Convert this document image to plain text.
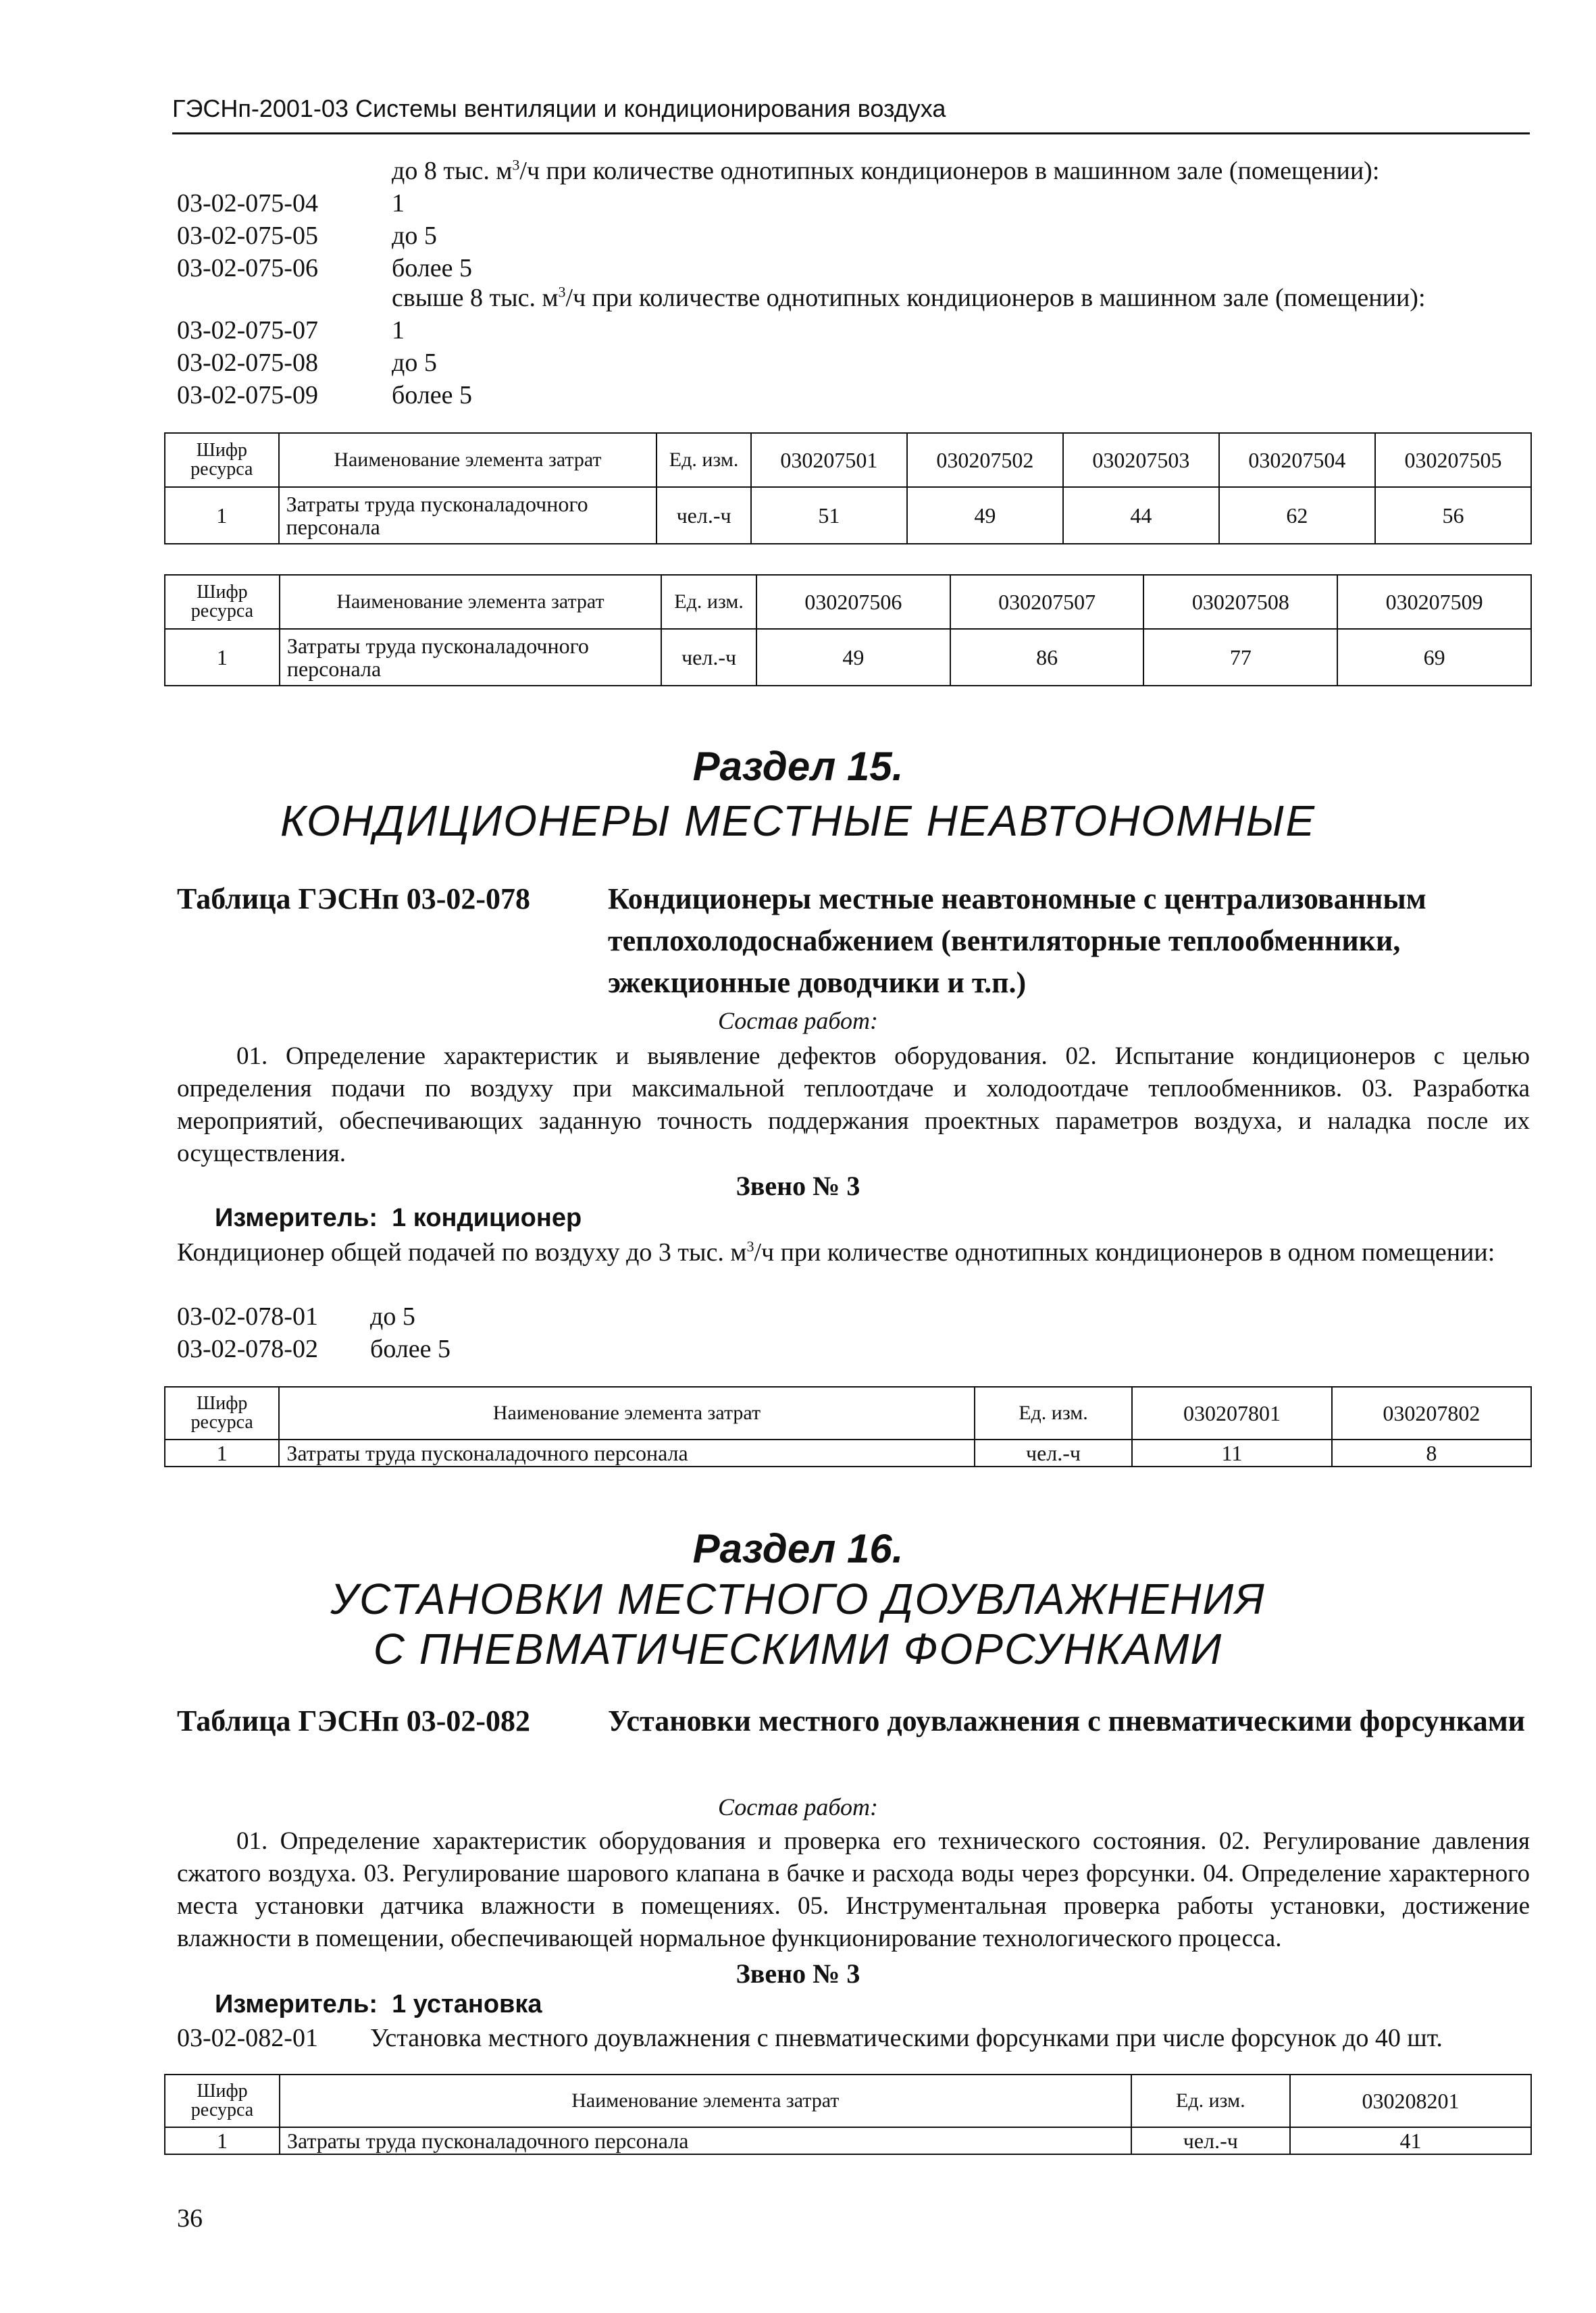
ГЭСНп-2001-03 Системы вентиляции и кондиционирования воздуха
до 8 тыс. $м^3/ч$ при количестве однотипных кондиционеров в машинном зале (помещении):
03-02-075-04	1
03-02-075-05	до 5
03-02-075-06	более 5
свыше 8 тыс. $м^3/ч$ при количестве однотипных кондиционеров в машинном зале (помещении):
03-02-075-07	1
03-02-075-08	до 5
03-02-075-09	более 5
Шифр ресурса	Наименование элемента затрат	Ед. изм.	030207501	030207502	030207503	030207504	030207505
1	Затраты труда пусконаладочного персонала	чел.-ч	51	49	44	62	56
Шифр ресурса	Наименование элемента затрат	Ед. изм.	030207506	030207507	030207508	030207509
1	Затраты труда пусконаладочного персонала	чел.-ч	49	86	77	69
Раздел 15.
КОНДИЦИОНЕРЫ МЕСТНЫЕ НЕАВТОНОМНЫЕ
Таблица ГЭСНп 03-02-078	Кондиционеры местные неавтономные с централизованным теплохолодоснабжением (вентиляторные теплообменники, эжекционные доводчики и т.п.)
Состав работ:
01. Определение характеристик и выявление дефектов оборудования. 02. Испытание кондиционеров с целью определения подачи по воздуху при максимальной теплоотдаче и холодоотдаче теплообменников. 03. Разработка мероприятий, обеспечивающих заданную точность поддержания проектных параметров воздуха, и наладка после их осуществления.
Звено № 3
Измеритель: 1 кондиционер
Кондиционер общей подачей по воздуху до 3 тыс. $м^3/ч$ при количестве однотипных кондиционеров в одном помещении:
03-02-078-01 до 5
03-02-078-02 более 5
Шифр ресурса	Наименование элемента затрат	Ед. изм.	030207801	030207802
1	Затраты труда пусконаладочного персонала	чел.-ч	11	8
Раздел 16.
УСТАНОВКИ МЕСТНОГО ДОУВЛАЖНЕНИЯ
С ПНЕВМАТИЧЕСКИМИ ФОРСУНКАМИ
Таблица ГЭСНп 03-02-082	Установки местного доувлажнения с пневматическими форсунками
Состав работ:
01. Определение характеристик оборудования и проверка его технического состояния. 02. Регулирование давления сжатого воздуха. 03. Регулирование шарового клапана в бачке и расхода воды через форсунки. 04. Определение характерного места установки датчика влажности в помещениях. 05. Инструментальная проверка работы установки, достижение влажности в помещении, обеспечивающей нормальное функционирование технологического процесса.
Звено № 3
Измеритель: 1 установка
03-02-082-01 Установка местного доувлажнения с пневматическими форсунками при числе форсунок до 40 шт.
Шифр ресурса	Наименование элемента затрат	Ед. изм.	030208201
1	Затраты труда пусконаладочного персонала	чел.-ч	41
36
